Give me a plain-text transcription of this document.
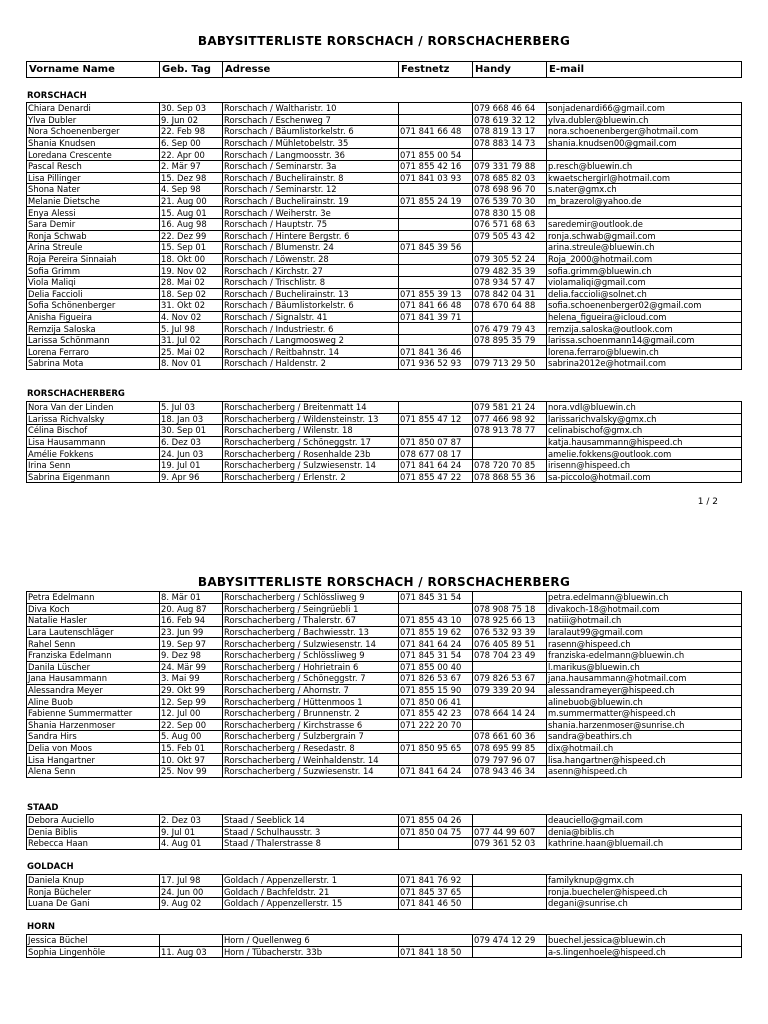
BABYSITTERLISTE RORSCHACH / RORSCHACHERBERG
Vorname Name	Geb. Tag	Adresse	Festnetz	Handy	E-mail
RORSCHACH
Chiara Denardi	30. Sep 03	Rorschach / Waltharistr. 10		079 668 46 64	sonjadenardi66@gmail.com
Ylva Dubler	9. Jun 02	Rorschach / Eschenweg 7		078 619 32 12	ylva.dubler@bluewin.ch
Nora Schoenenberger	22. Feb 98	Rorschach / Bäumlistorkelstr. 6	071 841 66 48	078 819 13 17	nora.schoenenberger@hotmail.com
Shania Knudsen	6. Sep 00	Rorschach / Mühletobelstr. 35		078 883 14 73	shania.knudsen00@gmail.com
Loredana Crescente	22. Apr 00	Rorschach / Langmoosstr. 36	071 855 00 54		
Pascal Resch	2. Mär 97	Rorschach / Seminarstr. 3a	071 855 42 16	079 331 79 88	p.resch@bluewin.ch
Lisa Pillinger	15. Dez 98	Rorschach / Buchelirainstr. 8	071 841 03 93	078 685 82 03	kwaetschergirl@hotmail.com
Shona Nater	4. Sep 98	Rorschach / Seminarstr. 12		078 698 96 70	s.nater@gmx.ch
Melanie Dietsche	21. Aug 00	Rorschach / Buchelirainstr. 19	071 855 24 19	076 539 70 30	m_brazerol@yahoo.de
Enya Alessi	15. Aug 01	Rorschach / Weiherstr. 3e		078 830 15 08	
Sara Demir	16. Aug 98	Rorschach / Hauptstr. 75		076 571 68 63	saredemir@outlook.de
Ronja Schwab	22. Dez 99	Rorschach / Hintere Bergstr. 6		079 505 43 42	ronja.schwab@gmail.com
Arina Streule	15. Sep 01	Rorschach / Blumenstr. 24	071 845 39 56		arina.streule@bluewin.ch
Roja Pereira Sinnaiah	18. Okt 00	Rorschach / Löwenstr. 28		079 305 52 24	Roja_2000@hotmail.com
Sofia Grimm	19. Nov 02	Rorschach / Kirchstr. 27		079 482 35 39	sofia.grimm@bluewin.ch
Viola Maliqi	28. Mai 02	Rorschach / Trischlistr. 8		078 934 57 47	violamaliqi@gmail.com
Delia Faccioli	18. Sep 02	Rorschach / Buchelirainstr. 13	071 855 39 13	078 842 04 31	delia.faccioli@solnet.ch
Sofia Schönenberger	31. Okt 02	Rorschach / Bäumlistorkelstr. 6	071 841 66 48	078 670 64 88	sofia.schoenenberger02@gmail.com
Anisha Figueira	4. Nov 02	Rorschach / Signalstr. 41	071 841 39 71		helena_figueira@icloud.com
Remzija Saloska	5. Jul 98	Rorschach / Industriestr. 6		076 479 79 43	remzija.saloska@outlook.com
Larissa Schönmann	31. Jul 02	Rorschach / Langmoosweg 2		078 895 35 79	larissa.schoenmann14@gmail.com
Lorena Ferraro	25. Mai 02	Rorschach / Reitbahnstr. 14	071 841 36 46		lorena.ferraro@bluewin.ch
Sabrina Mota	8. Nov 01	Rorschach / Haldenstr. 2	071 936 52 93	079 713 29 50	sabrina2012e@hotmail.com
RORSCHACHERBERG
Nora Van der Linden	5. Jul 03	Rorschacherberg / Breitenmatt 14		079 581 21 24	nora.vdl@bluewin.ch
Larissa Richvalsky	18. Jan 03	Rorschacherberg / Wildensteinstr. 13	071 855 47 12	077 466 98 92	larissarichvalsky@gmx.ch
Célina Bischof	30. Sep 01	Rorschacherberg / Wilenstr. 18		078 913 78 77	celinabischof@gmx.ch
Lisa Hausammann	6. Dez 03	Rorschacherberg / Schöneggstr. 17	071 850 07 87		katja.hausammann@hispeed.ch
Amélie Fokkens	24. Jun 03	Rorschacherberg / Rosenhalde 23b	078 677 08 17		amelie.fokkens@outlook.com
Irina Senn	19. Jul 01	Rorschacherberg / Sulzwiesenstr. 14	071 841 64 24	078 720 70 85	irisenn@hispeed.ch
Sabrina Eigenmann	9. Apr 96	Rorschacherberg / Erlenstr. 2	071 855 47 22	078 868 55 36	sa-piccolo@hotmail.com
1 / 2
BABYSITTERLISTE RORSCHACH / RORSCHACHERBERG
Petra Edelmann	8. Mär 01	Rorschacherberg / Schlössliweg 9	071 845 31 54		petra.edelmann@bluewin.ch
Diva Koch	20. Aug 87	Rorschacherberg / Seingrüebli 1		078 908 75 18	divakoch-18@hotmail.com
Natalie Hasler	16. Feb 94	Rorschacherberg / Thalerstr. 67	071 855 43 10	078 925 66 13	natiii@hotmail.ch
Lara Lautenschläger	23. Jun 99	Rorschacherberg / Bachwiesstr. 13	071 855 19 62	076 532 93 39	laralaut99@gmail.com
Rahel Senn	19. Sep 97	Rorschacherberg / Sulzwiesenstr. 14	071 841 64 24	076 405 89 51	rasenn@hispeed.ch
Franziska Edelmann	9. Dez 98	Rorschacherberg / Schlössliweg 9	071 845 31 54	078 704 23 49	franziska-edelmann@bluewin.ch
Danila Lüscher	24. Mär 99	Rorschacherberg / Hohrietrain 6	071 855 00 40		l.marikus@bluewin.ch
Jana Hausammann	3. Mai 99	Rorschacherberg / Schöneggstr. 7	071 826 53 67	079 826 53 67	jana.hausammann@hotmail.com
Alessandra Meyer	29. Okt 99	Rorschacherberg / Ahornstr. 7	071 855 15 90	079 339 20 94	alessandrameyer@hispeed.ch
Aline Buob	12. Sep 99	Rorschacherberg / Hüttenmoos 1	071 850 06 41		alinebuob@bluewin.ch
Fabienne Summermatter	12. Jul 00	Rorschacherberg / Brunnenstr. 2	071 855 42 23	078 664 14 24	m.summermatter@hispeed.ch
Shania Harzenmoser	22. Sep 00	Rorschacherberg / Kirchstrasse 6	071 222 20 70		shania.harzenmoser@sunrise.ch
Sandra Hirs	5. Aug 00	Rorschacherberg / Sulzbergrain 7		078 661 60 36	sandra@beathirs.ch
Delia von Moos	15. Feb 01	Rorschacherberg / Resedastr. 8	071 850 95 65	078 695 99 85	dix@hotmail.ch
Lisa Hangartner	10. Okt 97	Rorschacherberg / Weinhaldenstr. 14		079 797 96 07	lisa.hangartner@hispeed.ch
Alena Senn	25. Nov 99	Rorschacherberg / Suzwiesenstr. 14	071 841 64 24	078 943 46 34	asenn@hispeed.ch
STAAD
Debora Auciello	2. Dez 03	Staad / Seeblick 14	071 855 04 26		deauciello@gmail.com
Denia Biblis	9. Jul 01	Staad / Schulhausstr. 3	071 850 04 75	077 44 99 607	denia@biblis.ch
Rebecca Haan	4. Aug 01	Staad / Thalerstrasse 8		079 361 52 03	kathrine.haan@bluemail.ch
GOLDACH
Daniela Knup	17. Jul 98	Goldach / Appenzellerstr. 1	071 841 76 92		familyknup@gmx.ch
Ronja Bücheler	24. Jun 00	Goldach / Bachfeldstr. 21	071 845 37 65		ronja.buecheler@hispeed.ch
Luana De Gani	9. Aug 02	Goldach / Appenzellerstr. 15	071 841 46 50		degani@sunrise.ch
HORN
Jessica Büchel		Horn / Quellenweg 6		079 474 12 29	buechel.jessica@bluewin.ch
Sophia Lingenhöle	11. Aug 03	Horn / Tübacherstr. 33b	071 841 18 50		a-s.lingenhoele@hispeed.ch
